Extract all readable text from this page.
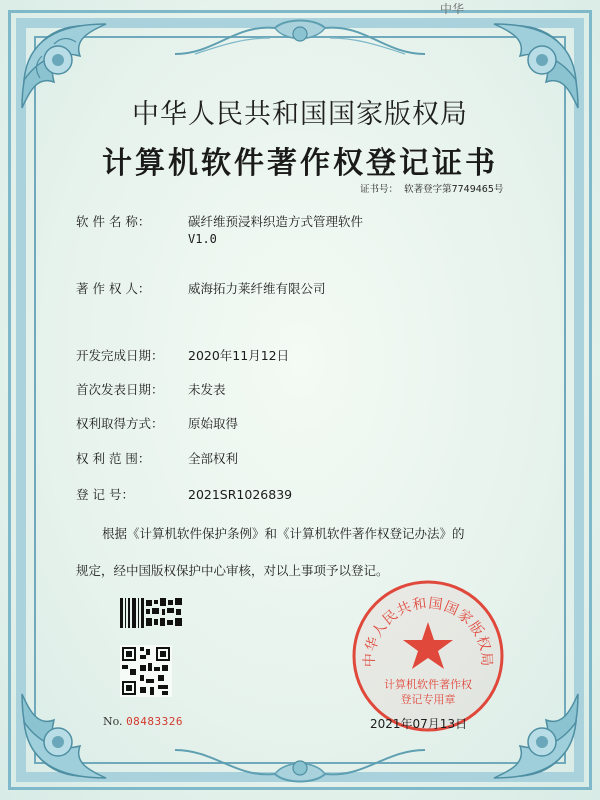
中华
中华人民共和国国家版权局
计算机软件著作权登记证书
证书号： 软著登字第7749465号
软 件 名 称：	碳纤维预浸料织造方式管理软件
V1.0
著 作 权 人：	威海拓力莱纤维有限公司
开发完成日期： 2020年11月12日
首次发表日期： 未发表
权利取得方式： 原始取得
权 利 范 围：	全部权利
登 记 号：	2021SR1026839
根据《计算机软件保护条例》和《计算机软件著作权登记办法》的
规定，经中国版权保护中心审核，对以上事项予以登记。
No. 08483326
中华人民共和国国家版权局
计算机软件著作权
登记专用章
2021年07月13日
